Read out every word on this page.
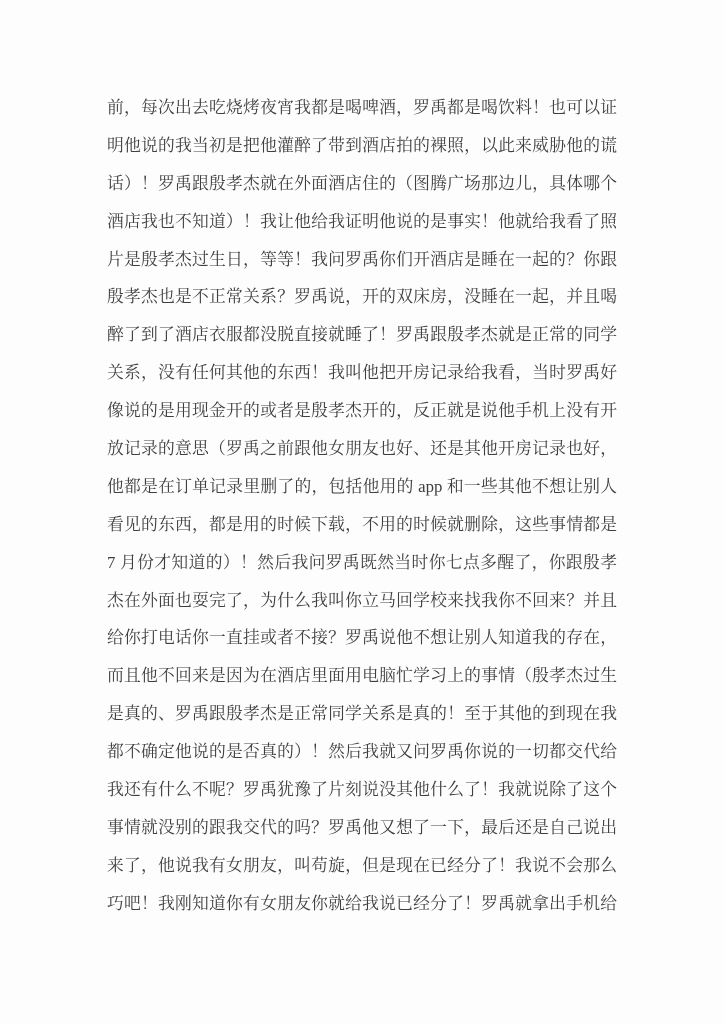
前，每次出去吃烧烤夜宵我都是喝啤酒，罗禹都是喝饮料！也可以证
明他说的我当初是把他灌醉了带到酒店拍的裸照，以此来威胁他的谎
话）！罗禹跟殷孝杰就在外面酒店住的（图腾广场那边儿，具体哪个
酒店我也不知道）！我让他给我证明他说的是事实！他就给我看了照
片是殷孝杰过生日，等等！我问罗禹你们开酒店是睡在一起的？你跟
殷孝杰也是不正常关系？罗禹说，开的双床房，没睡在一起，并且喝
醉了到了酒店衣服都没脱直接就睡了！罗禹跟殷孝杰就是正常的同学
关系，没有任何其他的东西！我叫他把开房记录给我看，当时罗禹好
像说的是用现金开的或者是殷孝杰开的，反正就是说他手机上没有开
放记录的意思（罗禹之前跟他女朋友也好、还是其他开房记录也好，
他都是在订单记录里删了的，包括他用的 app 和一些其他不想让别人
看见的东西，都是用的时候下载，不用的时候就删除，这些事情都是
7 月份才知道的）！然后我问罗禹既然当时你七点多醒了，你跟殷孝
杰在外面也耍完了，为什么我叫你立马回学校来找我你不回来？并且
给你打电话你一直挂或者不接？罗禹说他不想让别人知道我的存在，
而且他不回来是因为在酒店里面用电脑忙学习上的事情（殷孝杰过生
是真的、罗禹跟殷孝杰是正常同学关系是真的！至于其他的到现在我
都不确定他说的是否真的）！然后我就又问罗禹你说的一切都交代给
我还有什么不呢？罗禹犹豫了片刻说没其他什么了！我就说除了这个
事情就没别的跟我交代的吗？罗禹他又想了一下，最后还是自己说出
来了，他说我有女朋友，叫苟旋，但是现在已经分了！我说不会那么
巧吧！我刚知道你有女朋友你就给我说已经分了！罗禹就拿出手机给
